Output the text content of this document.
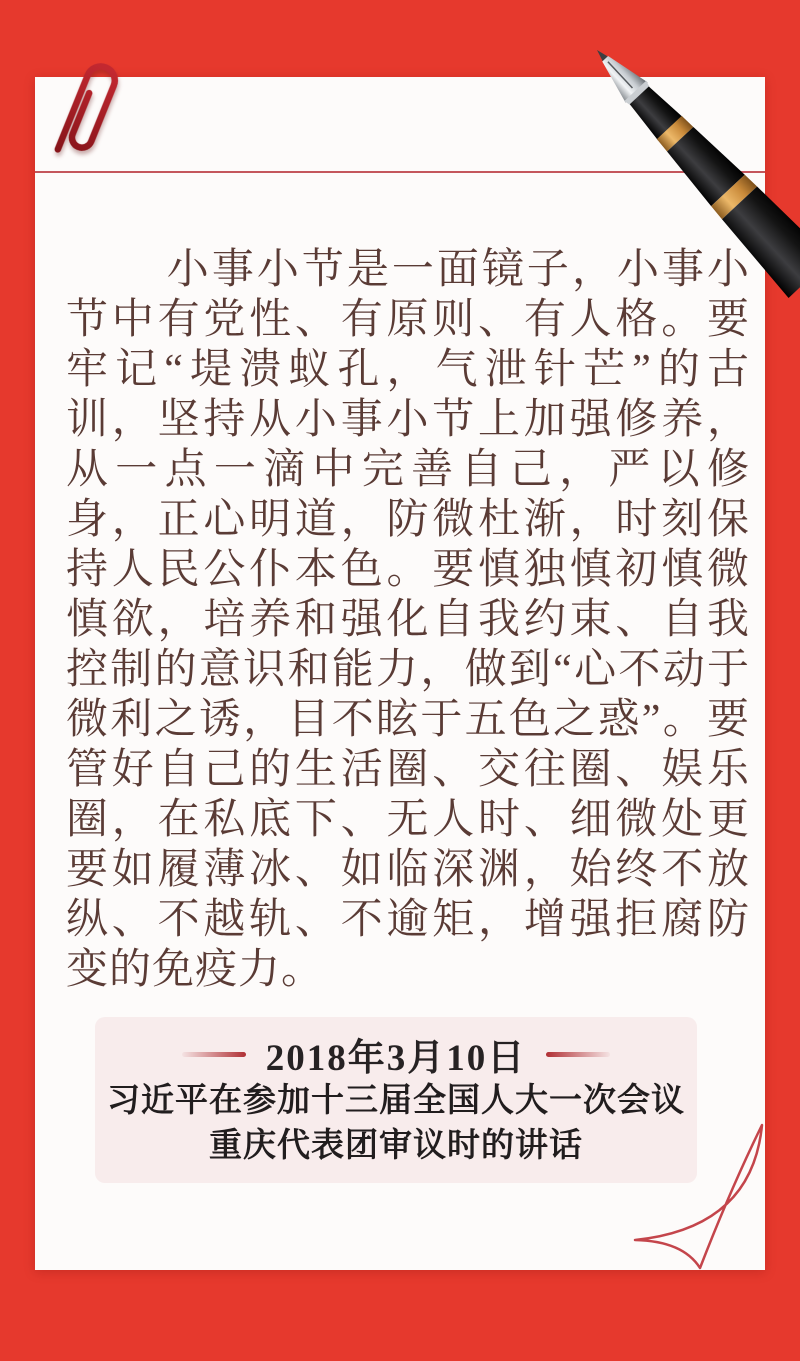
小事小节是一面镜子，小事小节中有党性、有原则、有人格。要牢记“堤溃蚁孔，气泄针芒”的古训，坚持从小事小节上加强修养，从一点一滴中完善自己，严以修身，正心明道，防微杜渐，时刻保持人民公仆本色。要慎独慎初慎微慎欲，培养和强化自我约束、自我控制的意识和能力，做到“心不动于微利之诱，目不眩于五色之惑”。要管好自己的生活圈、交往圈、娱乐圈，在私底下、无人时、细微处更要如履薄冰、如临深渊，始终不放纵、不越轨、不逾矩，增强拒腐防变的免疫力。
2018年3月10日
习近平在参加十三届全国人大一次会议
重庆代表团审议时的讲话
